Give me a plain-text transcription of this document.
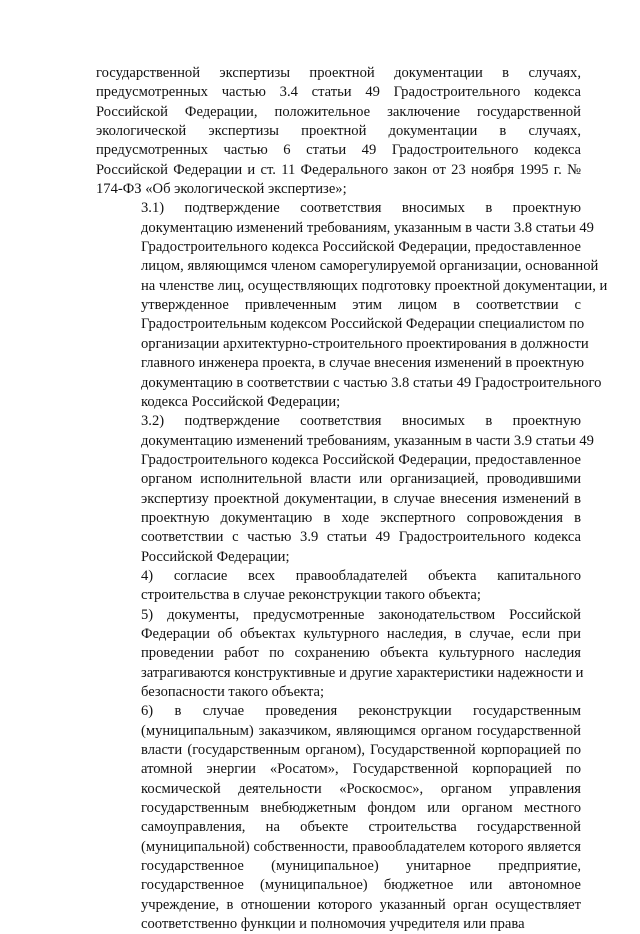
государственной экспертизы проектной документации в случаях,
предусмотренных частью 3.4 статьи 49 Градостроительного кодекса
Российской Федерации, положительное заключение государственной
экологической экспертизы проектной документации в случаях,
предусмотренных частью 6 статьи 49 Градостроительного кодекса
Российской Федерации и ст. 11 Федерального закон от 23 ноября 1995 г. №
174-ФЗ «Об экологической экспертизе»;
3.1) подтверждение соответствия вносимых в проектную
документацию изменений требованиям, указанным в части 3.8 статьи 49
Градостроительного кодекса Российской Федерации, предоставленное
лицом, являющимся членом саморегулируемой организации, основанной
на членстве лиц, осуществляющих подготовку проектной документации, и
утвержденное привлеченным этим лицом в соответствии с
Градостроительным кодексом Российской Федерации специалистом по
организации архитектурно-строительного проектирования в должности
главного инженера проекта, в случае внесения изменений в проектную
документацию в соответствии с частью 3.8 статьи 49 Градостроительного
кодекса Российской Федерации;
3.2) подтверждение соответствия вносимых в проектную
документацию изменений требованиям, указанным в части 3.9 статьи 49
Градостроительного кодекса Российской Федерации, предоставленное
органом исполнительной власти или организацией, проводившими
экспертизу проектной документации, в случае внесения изменений в
проектную документацию в ходе экспертного сопровождения в
соответствии с частью 3.9 статьи 49 Градостроительного кодекса
Российской Федерации;
4) согласие всех правообладателей объекта капитального
строительства в случае реконструкции такого объекта;
5) документы, предусмотренные законодательством Российской
Федерации об объектах культурного наследия, в случае, если при
проведении работ по сохранению объекта культурного наследия
затрагиваются конструктивные и другие характеристики надежности и
безопасности такого объекта;
6) в случае проведения реконструкции государственным
(муниципальным) заказчиком, являющимся органом государственной
власти (государственным органом), Государственной корпорацией по
атомной энергии «Росатом», Государственной корпорацией по
космической деятельности «Роскосмос», органом управления
государственным внебюджетным фондом или органом местного
самоуправления, на объекте строительства государственной
(муниципальной) собственности, правообладателем которого является
государственное (муниципальное) унитарное предприятие,
государственное (муниципальное) бюджетное или автономное
учреждение, в отношении которого указанный орган осуществляет
соответственно функции и полномочия учредителя или права
